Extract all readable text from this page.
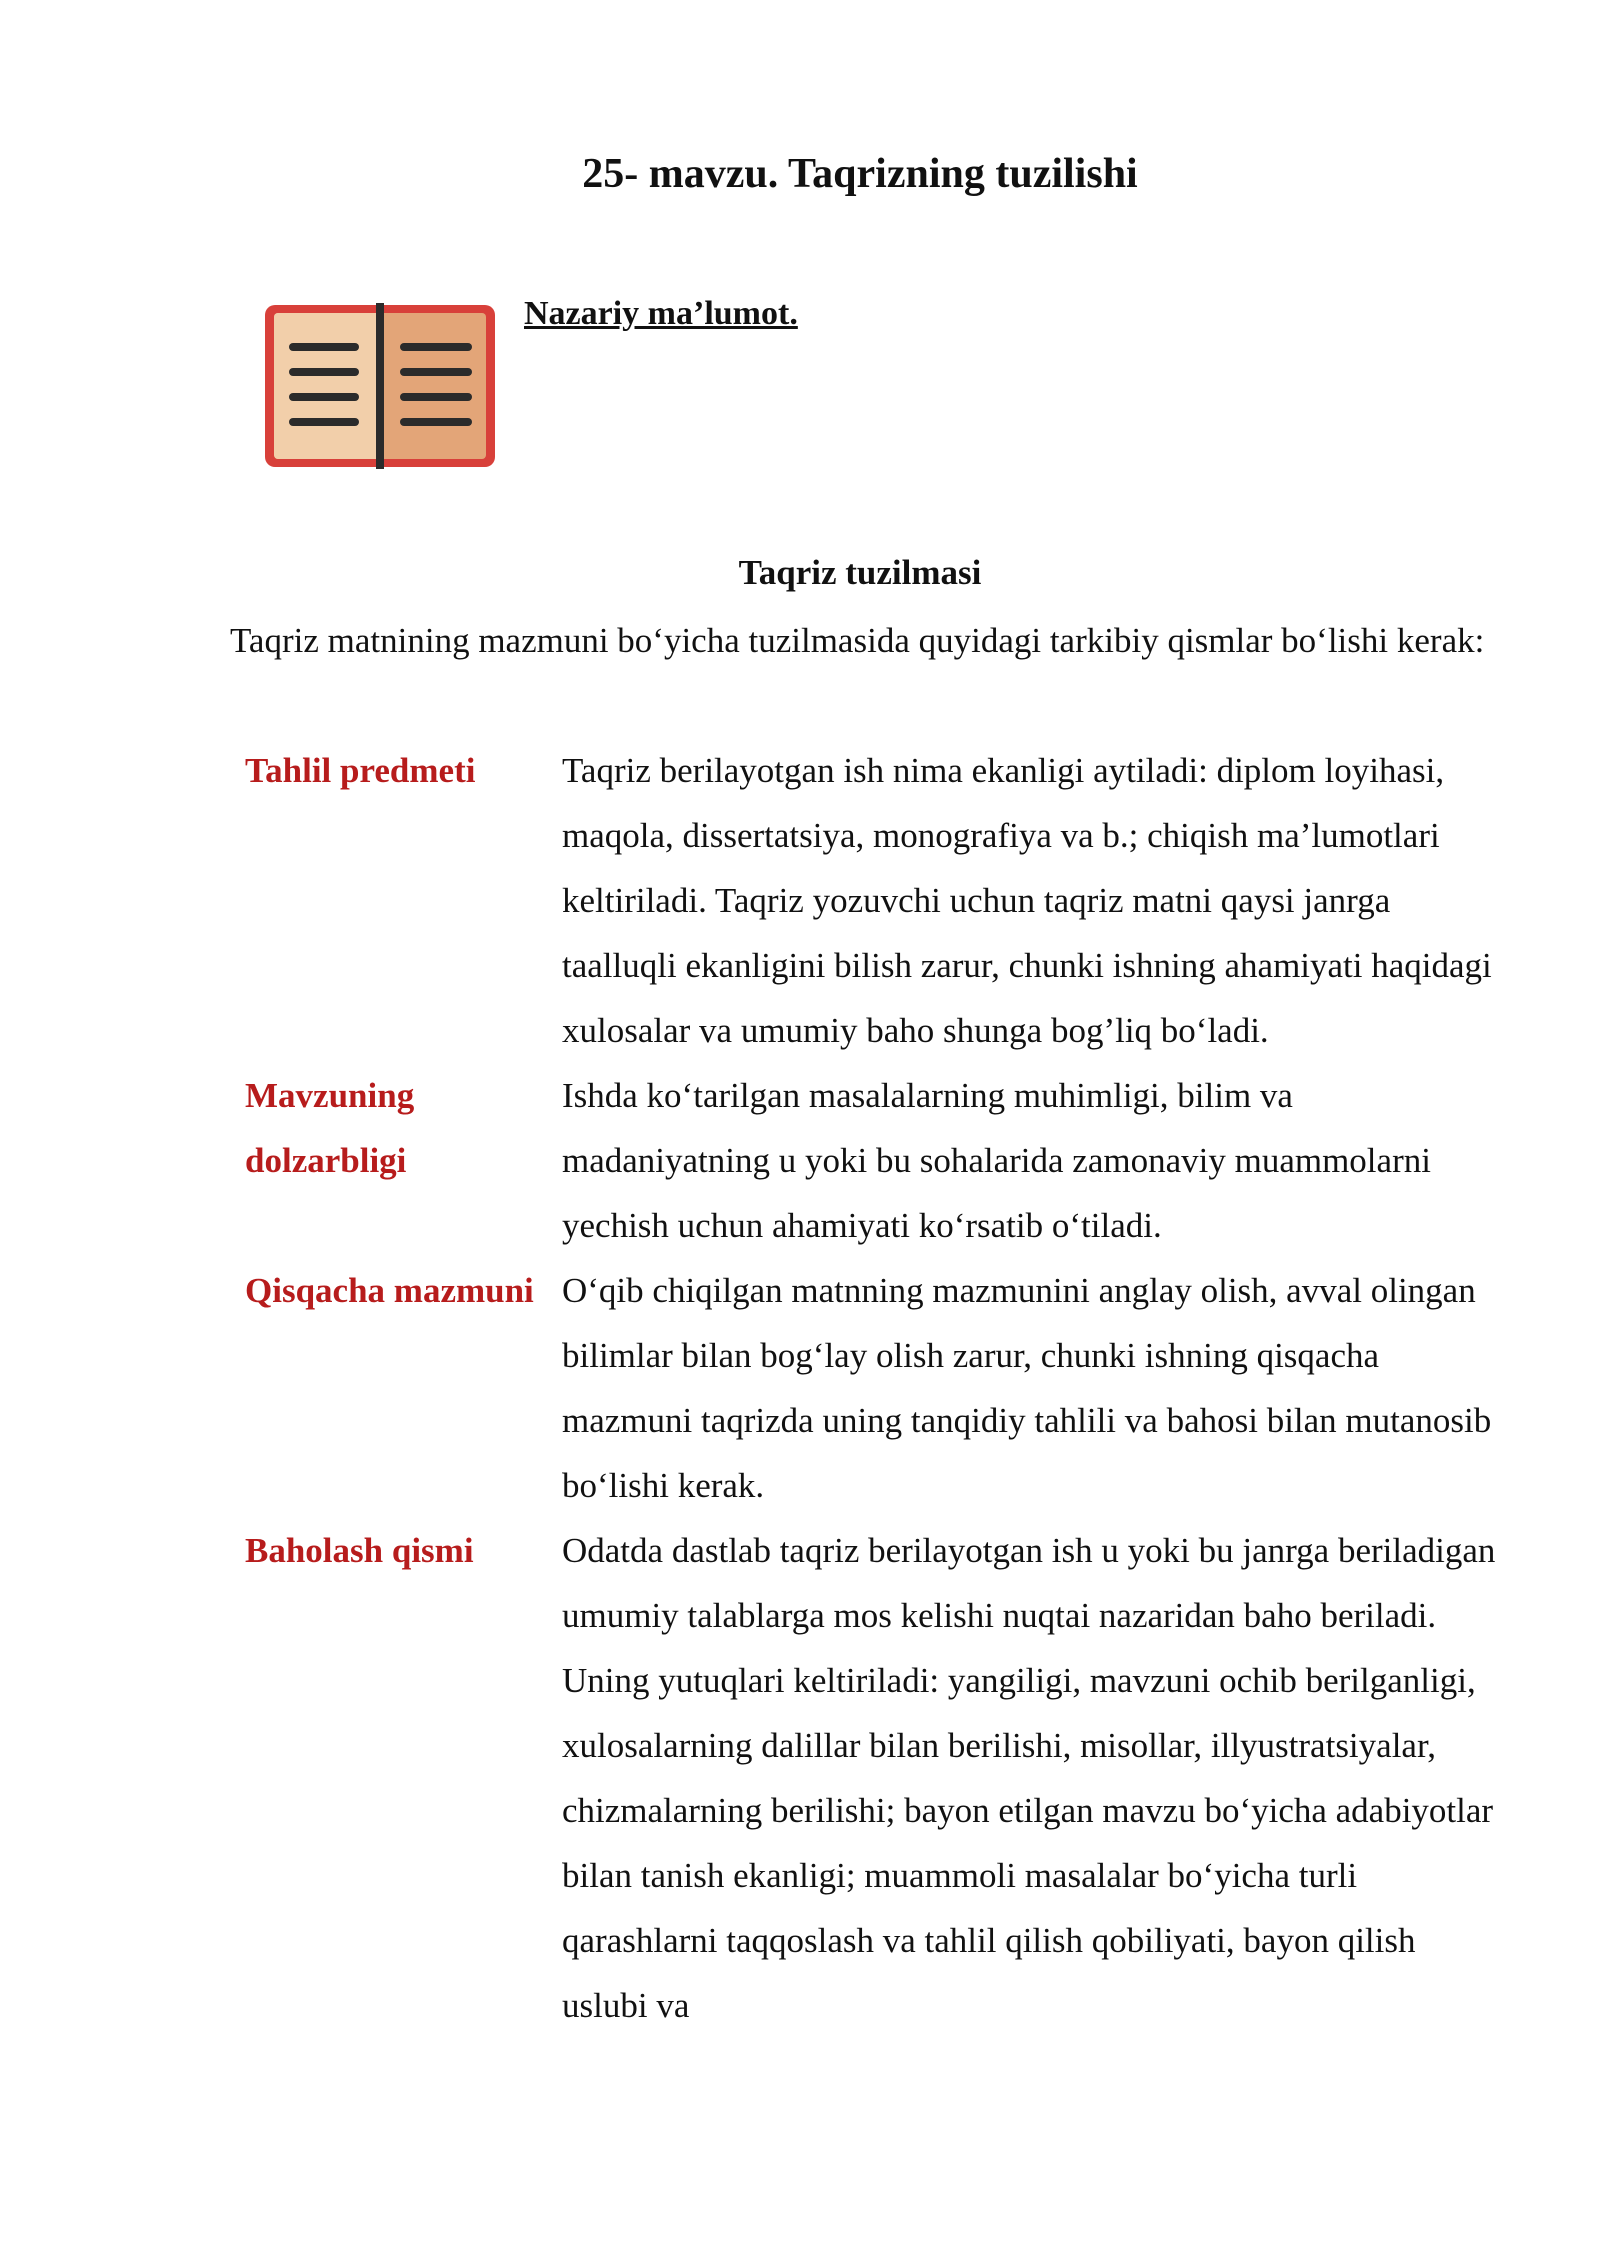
25- mavzu. Taqrizning tuzilishi
Nazariy ma’lumot.
Taqriz tuzilmasi

Taqriz matnining mazmuni bo‘yicha tuzilmasida quyidagi tarkibiy qismlar bo‘lishi kerak:

Tahlil predmeti	Taqriz berilayotgan ish nima ekanligi aytiladi: diplom loyihasi, maqola, dissertatsiya, monografiya va b.; chiqish ma’lumotlari keltiriladi. Taqriz yozuvchi uchun taqriz matni qaysi janrga taalluqli ekanligini bilish zarur, chunki ishning ahamiyati haqidagi xulosalar va umumiy baho shunga bog’liq bo‘ladi.
Mavzuning dolzarbligi
Ishda ko‘tarilgan masalalarning muhimligi, bilim va madaniyatning u yoki bu sohalarida zamonaviy muammolarni yechish uchun ahamiyati ko‘rsatib o‘tiladi.
Qisqacha mazmuni O‘qib chiqilgan matnning mazmunini anglay olish, avval olingan bilimlar bilan bog‘lay olish zarur, chunki ishning qisqacha mazmuni taqrizda uning tanqidiy tahlili va bahosi bilan mutanosib bo‘lishi kerak.
Baholash qismi	Odatda dastlab taqriz berilayotgan ish u yoki bu janrga beriladigan umumiy talablarga mos kelishi nuqtai nazaridan baho beriladi. Uning yutuqlari keltiriladi: yangiligi, mavzuni ochib berilganligi, xulosalarning dalillar bilan berilishi, misollar, illyustratsiyalar, chizmalarning berilishi; bayon etilgan mavzu bo‘yicha adabiyotlar bilan tanish ekanligi; muammoli masalalar bo‘yicha turli qarashlarni taqqoslash va tahlil qilish qobiliyati, bayon qilish uslubi va
